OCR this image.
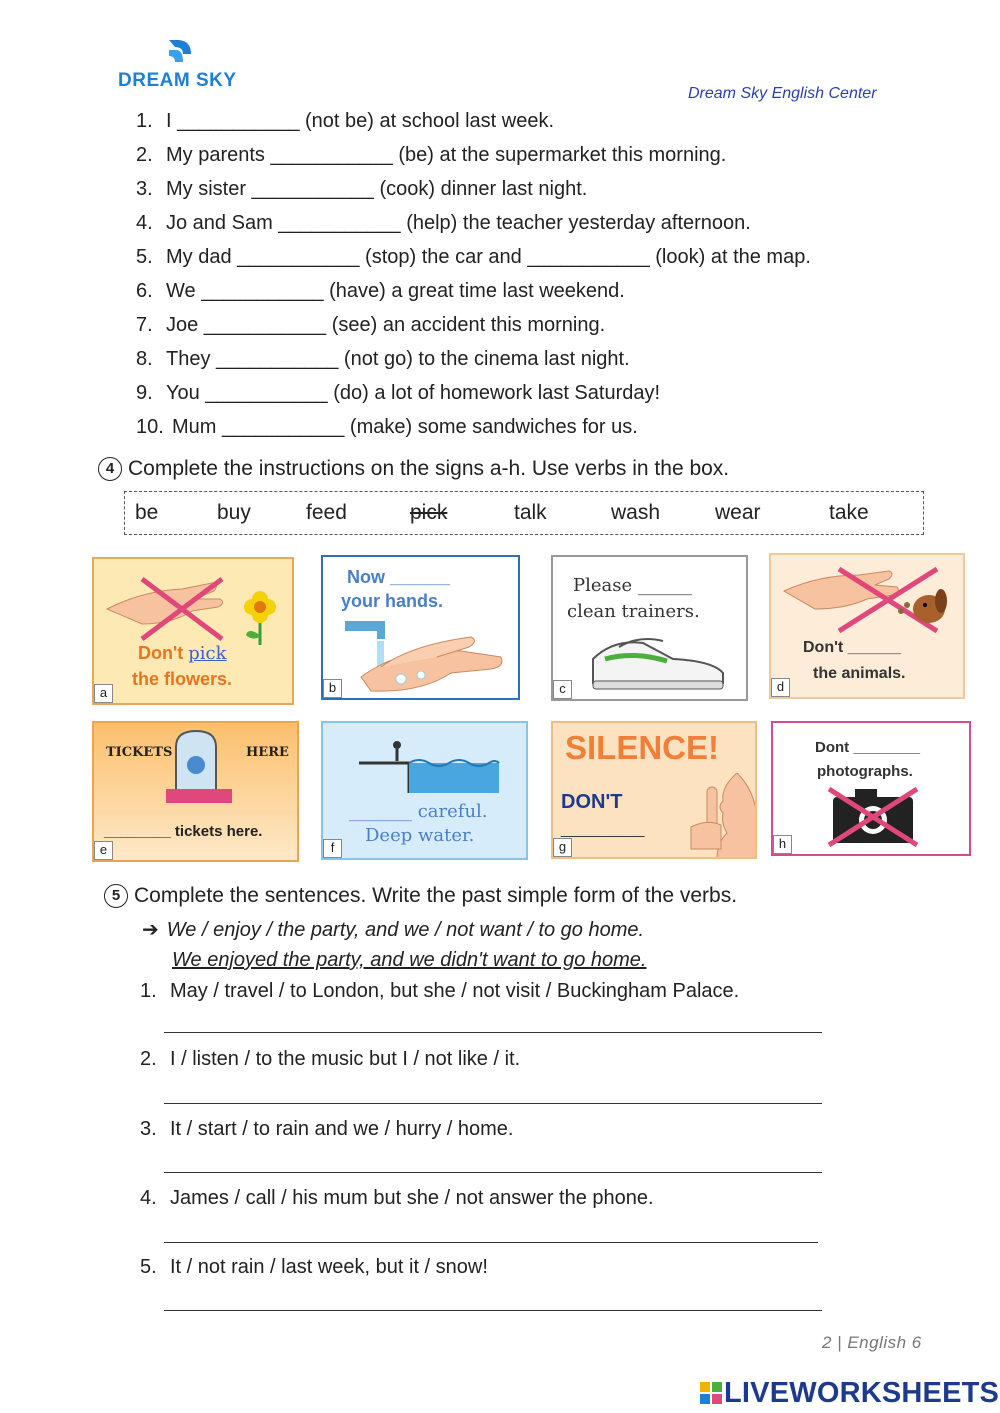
DREAM SKY
Dream Sky English Center
1. I ___________ (not be) at school last week.
2. My parents ___________ (be) at the supermarket this morning.
3. My sister ___________ (cook) dinner last night.
4. Jo and Sam ___________ (help) the teacher yesterday afternoon.
5. My dad ___________ (stop) the car and ___________ (look) at the map.
6. We ___________ (have) a great time last weekend.
7. Joe ___________ (see) an accident this morning.
8. They ___________ (not go) to the cinema last night.
9. You ___________ (do) a lot of homework last Saturday!
10. Mum ___________ (make) some sandwiches for us.
4 Complete the instructions on the signs a-h. Use verbs in the box.
be	buy	feed	pick	talk	wash	wear	take
Don't pick
the flowers.
a
Now ______
your hands.
b
Please ______
clean trainers.
c
Don't ______
the animals.
d
TICKETS	HERE
________ tickets here.
e
_______ careful.
Deep water.
f
SILENCE!
DON'T
__________
g
Dont ________
photographs.
h
5 Complete the sentences. Write the past simple form of the verbs.
➔ We / enjoy / the party, and we / not want / to go home.
We enjoyed the party, and we didn't want to go home.
1. May / travel / to London, but she / not visit / Buckingham Palace.
2. I / listen / to the music but I / not like / it.
3. It / start / to rain and we / hurry / home.
4. James / call / his mum but she / not answer the phone.
5. It / not rain / last week, but it / snow!
2 | English 6
LIVEWORKSHEETS
